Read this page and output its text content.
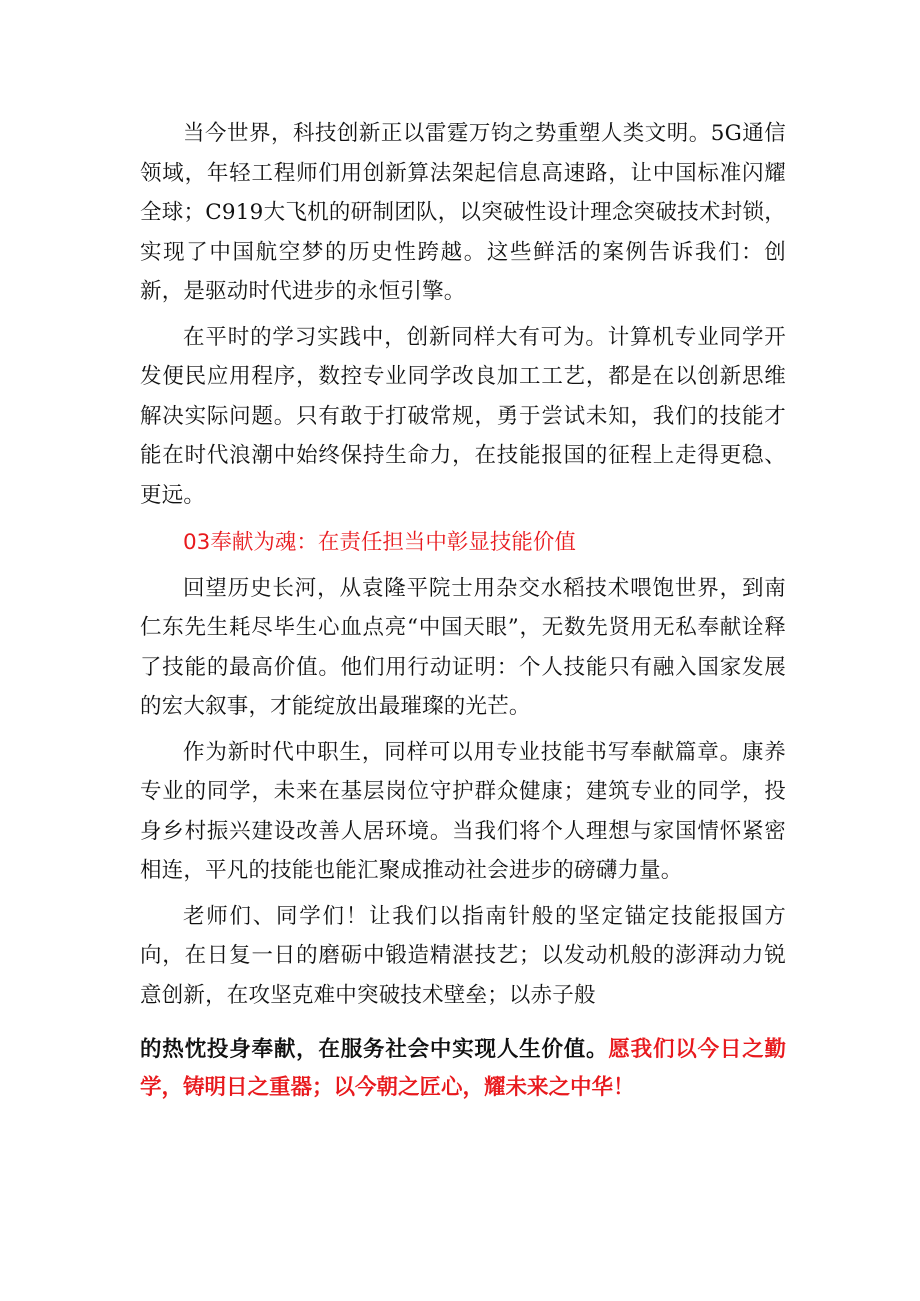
当今世界，科技创新正以雷霆万钧之势重塑人类文明。5G通信领域，年轻工程师们用创新算法架起信息高速路，让中国标准闪耀全球；C919大飞机的研制团队，以突破性设计理念突破技术封锁，实现了中国航空梦的历史性跨越。这些鲜活的案例告诉我们：创新，是驱动时代进步的永恒引擎。

在平时的学习实践中，创新同样大有可为。计算机专业同学开发便民应用程序，数控专业同学改良加工工艺，都是在以创新思维解决实际问题。只有敢于打破常规，勇于尝试未知，我们的技能才能在时代浪潮中始终保持生命力，在技能报国的征程上走得更稳、更远。

03奉献为魂：在责任担当中彰显技能价值

回望历史长河，从袁隆平院士用杂交水稻技术喂饱世界，到南仁东先生耗尽毕生心血点亮“中国天眼”，无数先贤用无私奉献诠释了技能的最高价值。他们用行动证明：个人技能只有融入国家发展的宏大叙事，才能绽放出最璀璨的光芒。

作为新时代中职生，同样可以用专业技能书写奉献篇章。康养专业的同学，未来在基层岗位守护群众健康；建筑专业的同学，投身乡村振兴建设改善人居环境。当我们将个人理想与家国情怀紧密相连，平凡的技能也能汇聚成推动社会进步的磅礴力量。

老师们、同学们！让我们以指南针般的坚定锚定技能报国方向，在日复一日的磨砺中锻造精湛技艺；以发动机般的澎湃动力锐意创新，在攻坚克难中突破技术壁垒；以赤子般

的热忱投身奉献，在服务社会中实现人生价值。愿我们以今日之勤学，铸明日之重器；以今朝之匠心，耀未来之中华！
